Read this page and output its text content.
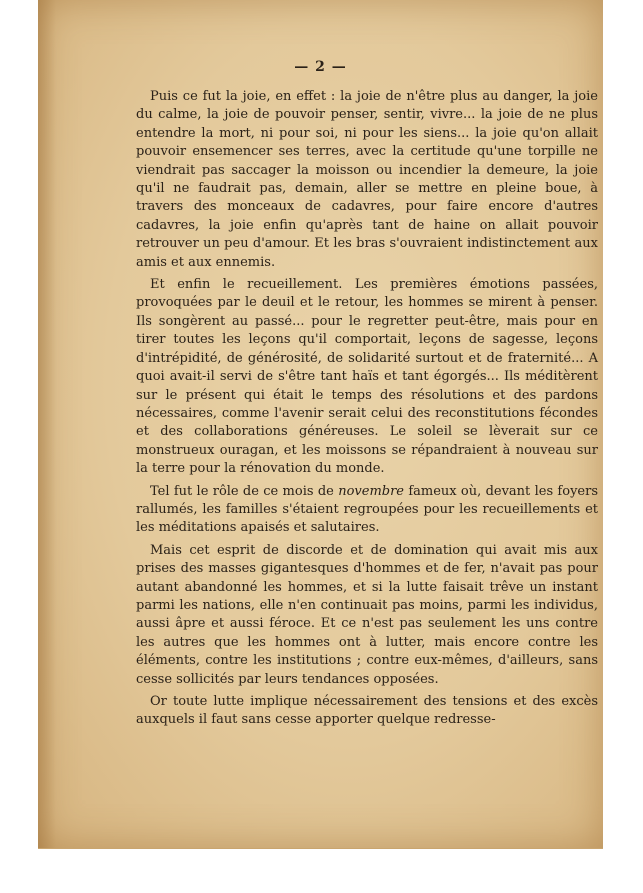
— 2 —

Puis ce fut la joie, en effet : la joie de n'être plus au danger, la joie du calme, la joie de pouvoir penser, sentir, vivre... la joie de ne plus entendre la mort, ni pour soi, ni pour les siens... la joie qu'on allait pouvoir ensemencer ses terres, avec la certitude qu'une torpille ne viendrait pas saccager la moisson ou incendier la demeure, la joie qu'il ne faudrait pas, demain, aller se mettre en pleine boue, à travers des monceaux de cadavres, pour faire encore d'autres cadavres, la joie enfin qu'après tant de haine on allait pouvoir retrouver un peu d'amour. Et les bras s'ouvraient indistinctement aux amis et aux ennemis.

Et enfin le recueillement. Les premières émotions passées, provoquées par le deuil et le retour, les hommes se mirent à penser. Ils songèrent au passé... pour le regretter peut-être, mais pour en tirer toutes les leçons qu'il comportait, leçons de sagesse, leçons d'intrépidité, de générosité, de solidarité surtout et de fraternité... A quoi avait-il servi de s'être tant haïs et tant égorgés... Ils méditèrent sur le présent qui était le temps des résolutions et des pardons nécessaires, comme l'avenir serait celui des reconstitutions fécondes et des collaborations généreuses. Le soleil se lèverait sur ce monstrueux ouragan, et les moissons se répandraient à nouveau sur la terre pour la rénovation du monde.

Tel fut le rôle de ce mois de novembre fameux où, devant les foyers rallumés, les familles s'étaient regroupées pour les recueillements et les méditations apaisés et salutaires.

Mais cet esprit de discorde et de domination qui avait mis aux prises des masses gigantesques d'hommes et de fer, n'avait pas pour autant abandonné les hommes, et si la lutte faisait trêve un instant parmi les nations, elle n'en continuait pas moins, parmi les individus, aussi âpre et aussi féroce. Et ce n'est pas seulement les uns contre les autres que les hommes ont à lutter, mais encore contre les éléments, contre les institutions ; contre eux-mêmes, d'ailleurs, sans cesse sollicités par leurs tendances opposées.

Or toute lutte implique nécessairement des tensions et des excès auxquels il faut sans cesse apporter quelque redresse-
